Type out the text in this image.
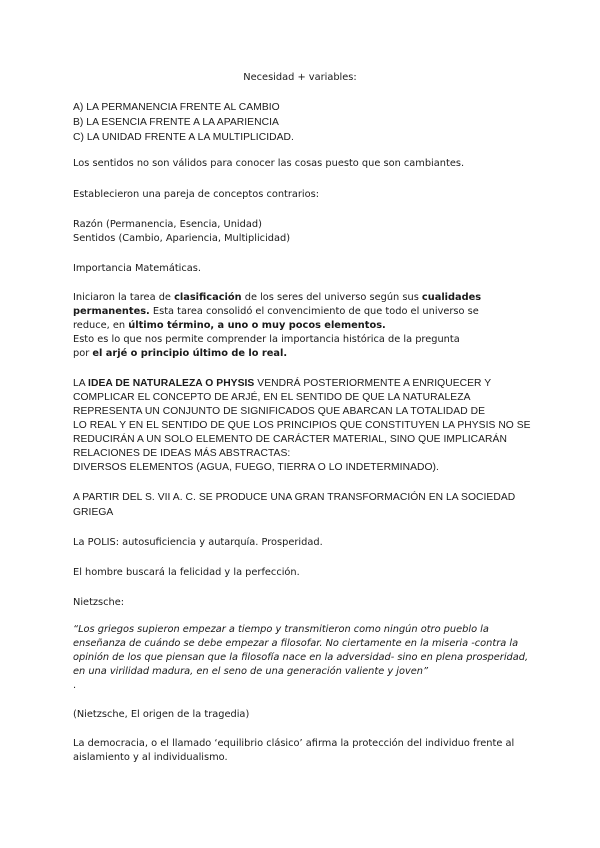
Necesidad + variables:
A) LA PERMANENCIA FRENTE AL CAMBIO
B) LA ESENCIA FRENTE A LA APARIENCIA
C) LA UNIDAD FRENTE A LA MULTIPLICIDAD.
Los sentidos no son válidos para conocer las cosas puesto que son cambiantes.
Establecieron una pareja de conceptos contrarios:
Razón (Permanencia, Esencia, Unidad)
Sentidos (Cambio, Apariencia, Multiplicidad)
Importancia Matemáticas.
Iniciaron la tarea de clasificación de los seres del universo según sus cualidades
permanentes. Esta tarea consolidó el convencimiento de que todo el universo se
reduce, en último término, a uno o muy pocos elementos.
Esto es lo que nos permite comprender la importancia histórica de la pregunta
por el arjé o principio último de lo real.
LA IDEA DE NATURALEZA O PHYSIS VENDRÁ POSTERIORMENTE A ENRIQUECER Y
COMPLICAR EL CONCEPTO DE ARJÉ, EN EL SENTIDO DE QUE LA NATURALEZA
REPRESENTA UN CONJUNTO DE SIGNIFICADOS QUE ABARCAN LA TOTALIDAD DE
LO REAL Y EN EL SENTIDO DE QUE LOS PRINCIPIOS QUE CONSTITUYEN LA PHYSIS NO SE
REDUCIRÁN A UN SOLO ELEMENTO DE CARÁCTER MATERIAL, SINO QUE IMPLICARÁN
RELACIONES DE IDEAS MÁS ABSTRACTAS:
DIVERSOS ELEMENTOS (AGUA, FUEGO, TIERRA O LO INDETERMINADO).
A PARTIR DEL S. VII A. C. SE PRODUCE UNA GRAN TRANSFORMACIÓN EN LA SOCIEDAD
GRIEGA
La POLIS: autosuficiencia y autarquía. Prosperidad.
El hombre buscará la felicidad y la perfección.
Nietzsche:
“Los griegos supieron empezar a tiempo y transmitieron como ningún otro pueblo la
enseñanza de cuándo se debe empezar a filosofar. No ciertamente en la miseria -contra la
opinión de los que piensan que la filosofía nace en la adversidad- sino en plena prosperidad,
en una virilidad madura, en el seno de una generación valiente y joven”
.
(Nietzsche, El origen de la tragedia)
La democracia, o el llamado ‘equilibrio clásico’ afirma la protección del individuo frente al
aislamiento y al individualismo.
